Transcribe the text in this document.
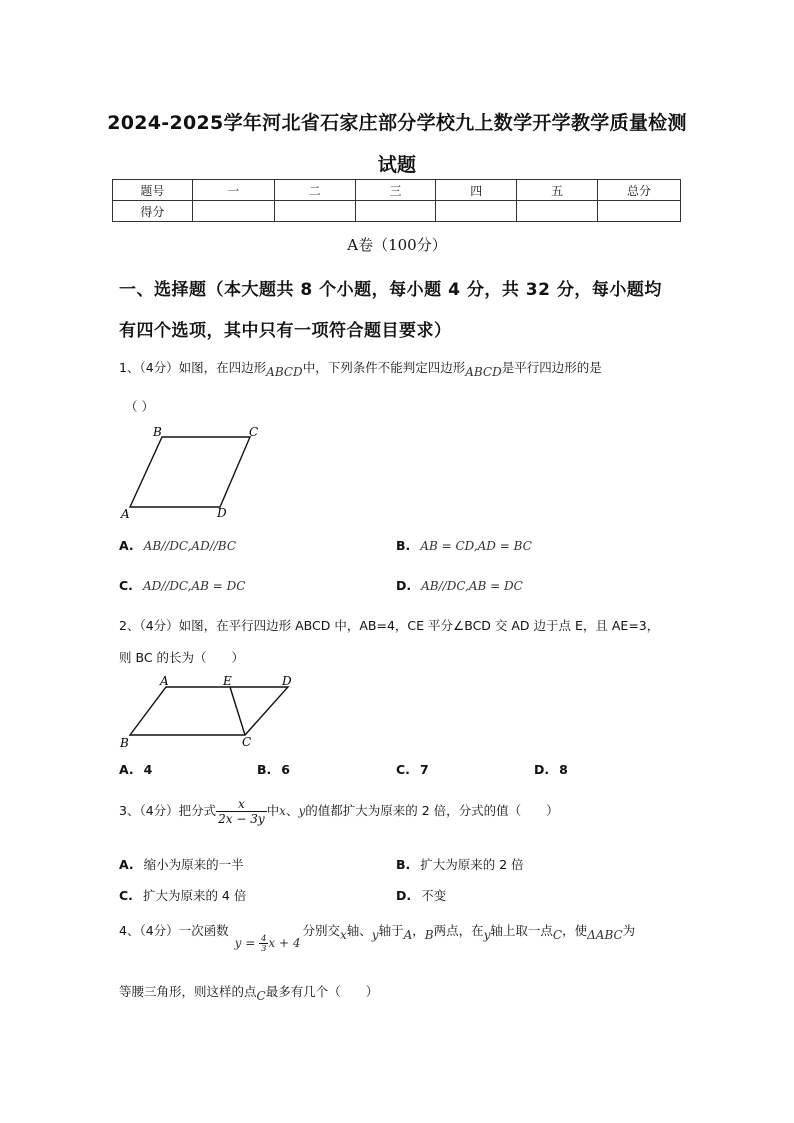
2024-2025学年河北省石家庄部分学校九上数学开学教学质量检测
试题
题号	一	二	三	四	五	总分
得分						
A卷（100分）
一、选择题（本大题共 8 个小题，每小题 4 分，共 32 分，每小题均
有四个选项，其中只有一项符合题目要求）
1、（4分）如图，在四边形ABCD中，下列条件不能判定四边形ABCD是平行四边形的是
（ ）
B	C
A	D
A. AB//DC,AD//BC	B. AB = CD,AD = BC
C. AD//DC,AB = DC	D. AB//DC,AB = DC
2、（4分）如图，在平行四边形 ABCD 中，AB=4，CE 平分∠BCD 交 AD 边于点 E，且 AE=3，
则 BC 的长为（　　）
A	E	D
B	C
A. 4	B. 6	C. 7	D. 8
3、（4分）把分式 $\frac{x}{2x - 3y}$ 中x、y的值都扩大为原来的 2 倍，分式的值（　　）
A. 缩小为原来的一半	B. 扩大为原来的 2 倍
C. 扩大为原来的 4 倍	D. 不变
4、（4分）一次函数 $y = \frac{4}{3}$ x + 4分别交x轴、y轴于A，B两点，在y轴上取一点C，使ΔABC为
等腰三角形，则这样的点C最多有几个（　　）
